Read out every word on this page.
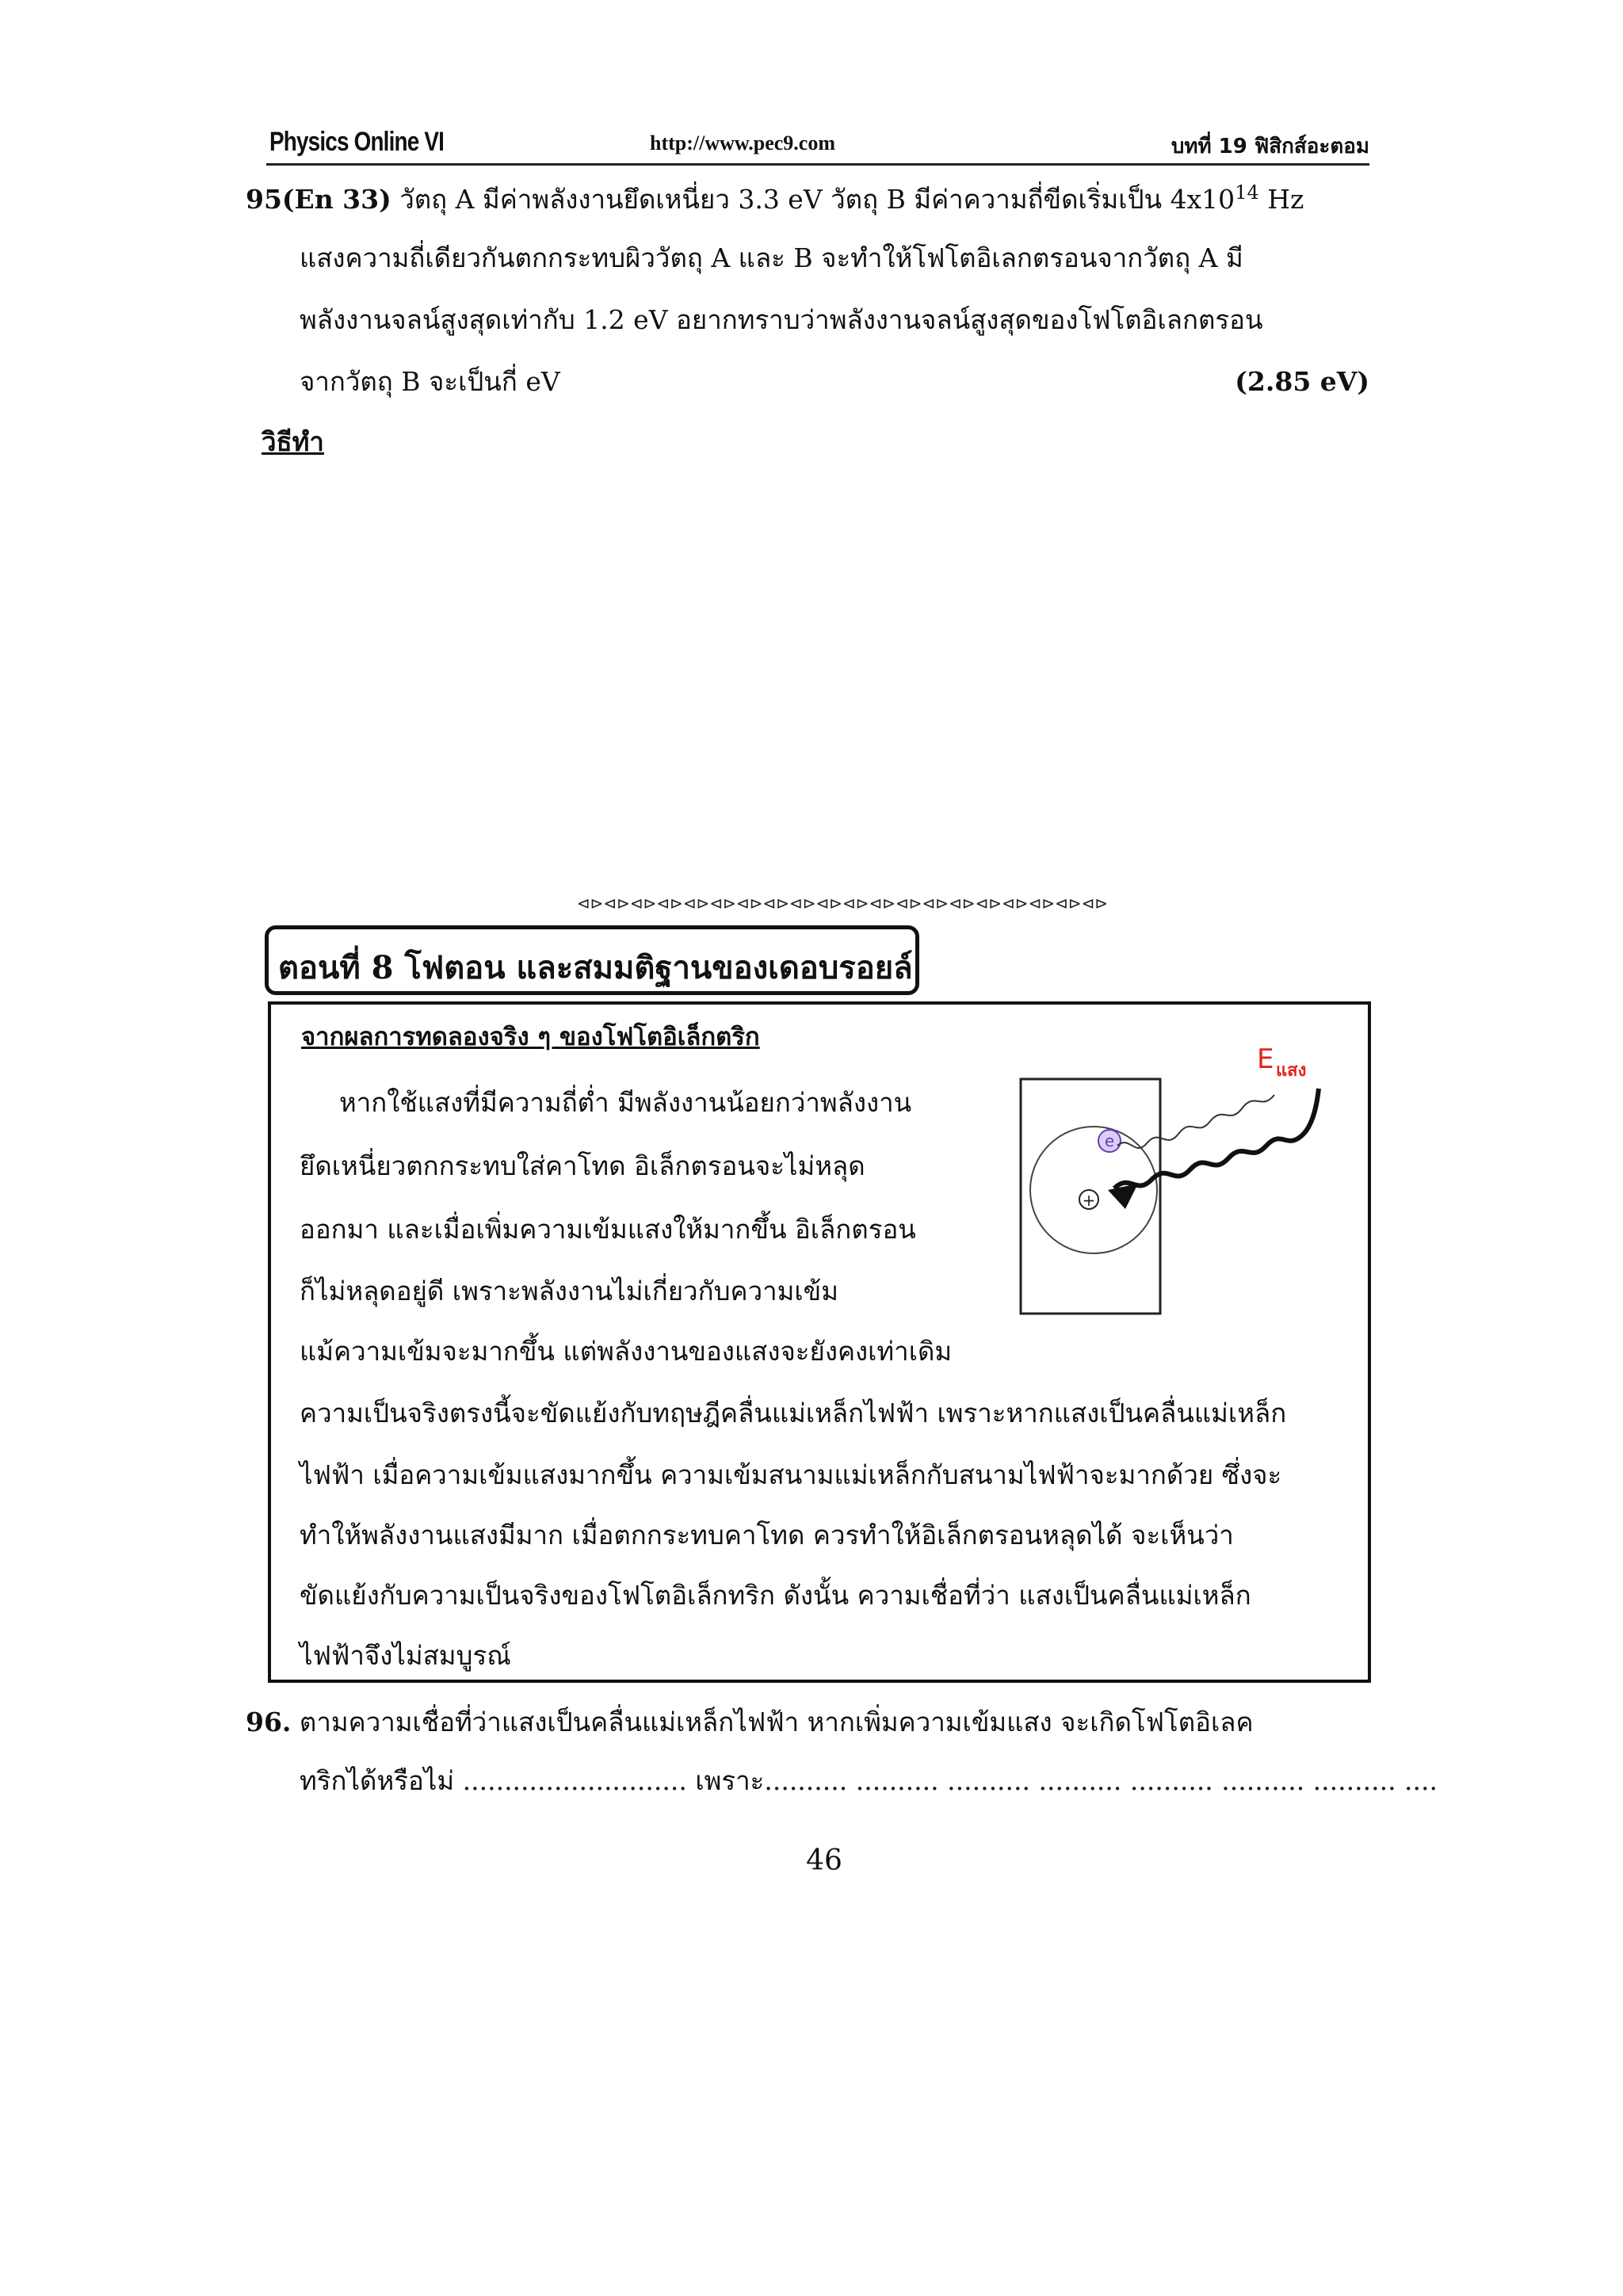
Physics Online VI	http://www.pec9.com	บทที่ 19 ฟิสิกส์อะตอม
95(En 33) วัตถุ A มีค่าพลังงานยึดเหนี่ยว 3.3 eV วัตถุ B มีค่าความถี่ขีดเริ่มเป็น $4x10^{14}$ Hz
แสงความถี่เดียวกันตกกระทบผิววัตถุ A และ B จะทำให้โฟโตอิเลกตรอนจากวัตถุ A มี
พลังงานจลน์สูงสุดเท่ากับ 1.2 eV อยากทราบว่าพลังงานจลน์สูงสุดของโฟโตอิเลกตรอน
จากวัตถุ B จะเป็นกี่ eV	(2.85 eV)
วิธีทำ
⊲⊳⊲⊳⊲⊳⊲⊳⊲⊳⊲⊳⊲⊳⊲⊳⊲⊳⊲⊳⊲⊳⊲⊳⊲⊳⊲⊳⊲⊳⊲⊳⊲⊳⊲⊳⊲⊳⊲⊳
ตอนที่ 8 โฟตอน และสมมติฐานของเดอบรอยล์
จากผลการทดลองจริง ๆ ของโฟโตอิเล็กตริก
หากใช้แสงที่มีความถี่ต่ำ มีพลังงานน้อยกว่าพลังงาน
ยึดเหนี่ยวตกกระทบใส่คาโทด อิเล็กตรอนจะไม่หลุด
ออกมา และเมื่อเพิ่มความเข้มแสงให้มากขึ้น อิเล็กตรอน
ก็ไม่หลุดอยู่ดี เพราะพลังงานไม่เกี่ยวกับความเข้ม
แม้ความเข้มจะมากขึ้น แต่พลังงานของแสงจะยังคงเท่าเดิม
ความเป็นจริงตรงนี้จะขัดแย้งกับทฤษฎีคลื่นแม่เหล็กไฟฟ้า เพราะหากแสงเป็นคลื่นแม่เหล็ก
ไฟฟ้า เมื่อความเข้มแสงมากขึ้น ความเข้มสนามแม่เหล็กกับสนามไฟฟ้าจะมากด้วย ซึ่งจะ
ทำให้พลังงานแสงมีมาก เมื่อตกกระทบคาโทด ควรทำให้อิเล็กตรอนหลุดได้ จะเห็นว่า
ขัดแย้งกับความเป็นจริงของโฟโตอิเล็กทริก ดังนั้น ความเชื่อที่ว่า แสงเป็นคลื่นแม่เหล็ก
ไฟฟ้าจึงไม่สมบูรณ์
+
e
E แสง
96. ตามความเชื่อที่ว่าแสงเป็นคลื่นแม่เหล็กไฟฟ้า หากเพิ่มความเข้มแสง จะเกิดโฟโตอิเลค
ทริกได้หรือไม่ ........................... เพราะ.......... .......... .......... .......... .......... .......... .......... ....
46
